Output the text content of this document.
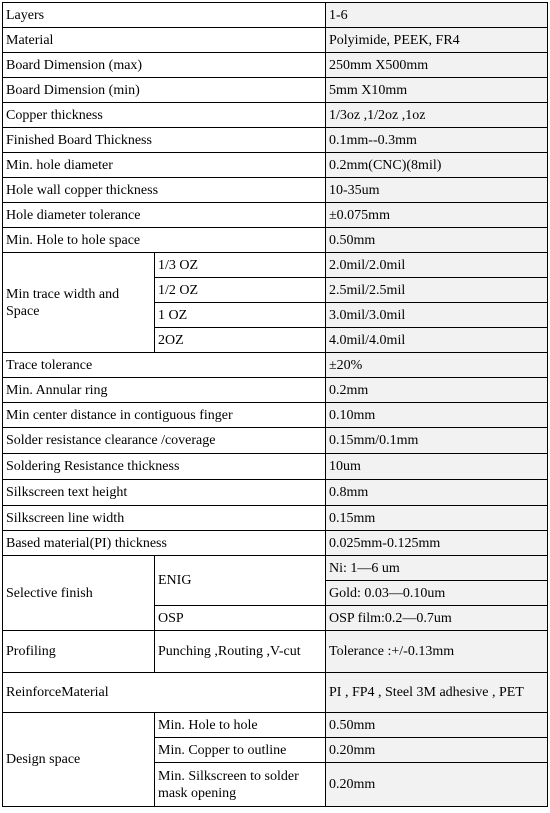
Layers		1-6
Material		Polyimide, PEEK, FR4
Board Dimension (max)		250mm X500mm
Board Dimension (min)		5mm X10mm
Copper thickness		1/3oz ,1/2oz ,1oz
Finished Board Thickness		0.1mm--0.3mm
Min. hole diameter		0.2mm(CNC)(8mil)
Hole wall copper thickness		10-35um
Hole diameter tolerance		±0.075mm
Min. Hole to hole space		0.50mm
Min trace width and Space	1/3 OZ	2.0mil/2.0mil
	1/2 OZ	2.5mil/2.5mil
	1 OZ	3.0mil/3.0mil
	2OZ	4.0mil/4.0mil
Trace tolerance		±20%
Min. Annular ring		0.2mm
Min center distance in contiguous finger		0.10mm
Solder resistance clearance /coverage		0.15mm/0.1mm
Soldering Resistance thickness		10um
Silkscreen text height		0.8mm
Silkscreen line width		0.15mm
Based material(PI) thickness		0.025mm-0.125mm
Selective finish	ENIG	Ni: 1—6 um
		Gold: 0.03—0.10um
	OSP	OSP film:0.2—0.7um
Profiling	Punching ,Routing ,V-cut	Tolerance :+/-0.13mm
ReinforceMaterial		PI , FP4 , Steel 3M adhesive , PET
Design space	Min. Hole to hole	0.50mm
	Min. Copper to outline	0.20mm
	Min. Silkscreen to solder mask opening	0.20mm
